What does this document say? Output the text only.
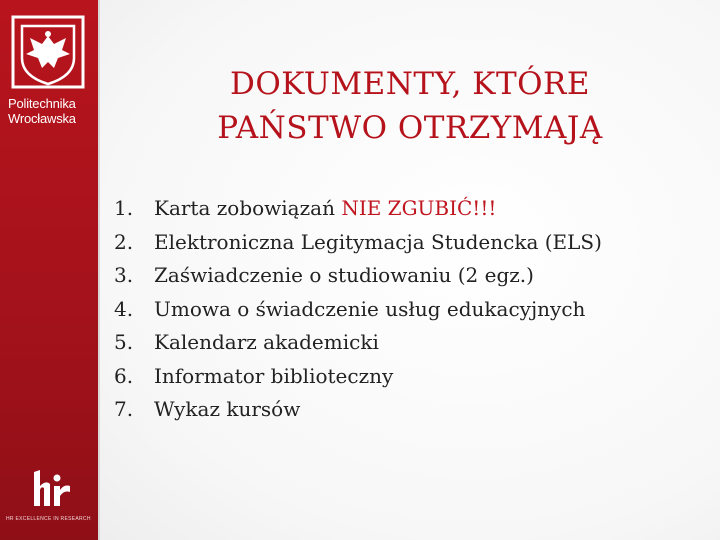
Politechnika
Wrocławska
HR EXCELLENCE IN RESEARCH
DOKUMENTY, KTÓRE
PAŃSTWO OTRZYMAJĄ
1. Karta zobowiązań NIE ZGUBIĆ!!!
2. Elektroniczna Legitymacja Studencka (ELS)
3. Zaświadczenie o studiowaniu (2 egz.)
4. Umowa o świadczenie usług edukacyjnych
5. Kalendarz akademicki
6. Informator biblioteczny
7. Wykaz kursów
